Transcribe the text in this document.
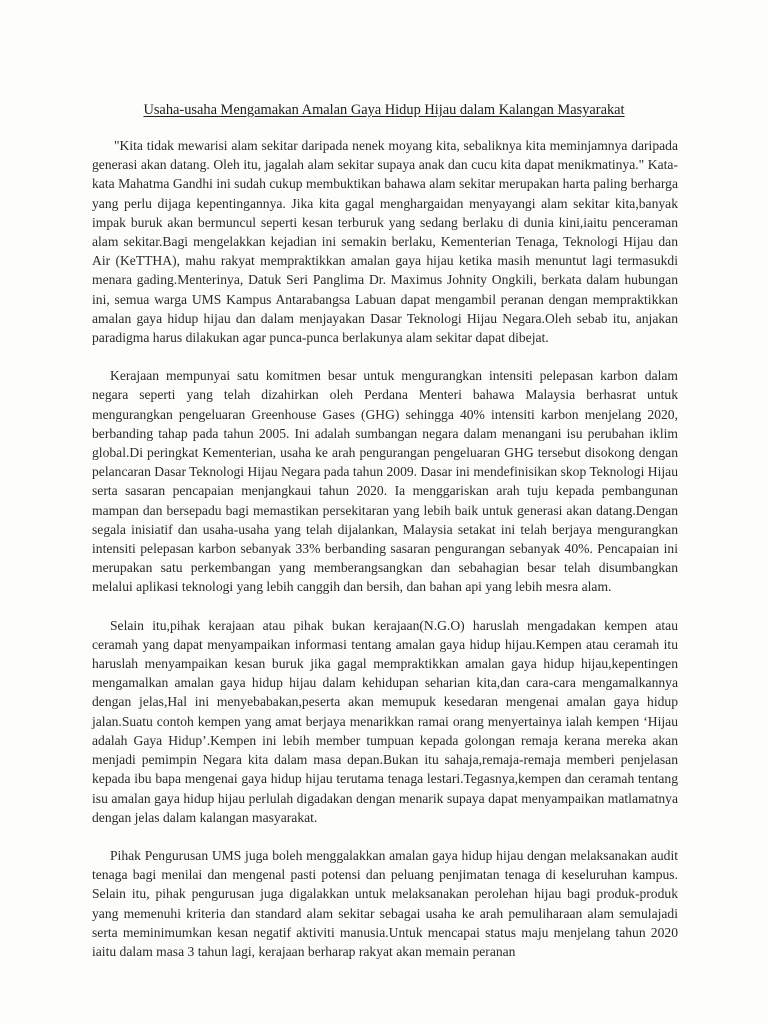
Usaha-usaha Mengamakan Amalan Gaya Hidup Hijau dalam Kalangan Masyarakat

"Kita tidak mewarisi alam sekitar daripada nenek moyang kita, sebaliknya kita meminjamnya daripada generasi akan datang. Oleh itu, jagalah alam sekitar supaya anak dan cucu kita dapat menikmatinya." Kata-kata Mahatma Gandhi ini sudah cukup membuktikan bahawa alam sekitar merupakan harta paling berharga yang perlu dijaga kepentingannya. Jika kita gagal menghargaidan menyayangi alam sekitar kita,banyak impak buruk akan bermuncul seperti kesan terburuk yang sedang berlaku di dunia kini,iaitu penceraman alam sekitar.Bagi mengelakkan kejadian ini semakin berlaku, Kementerian Tenaga, Teknologi Hijau dan Air (KeTTHA), mahu rakyat mempraktikkan amalan gaya hijau ketika masih menuntut lagi termasukdi menara gading.Menterinya, Datuk Seri Panglima Dr. Maximus Johnity Ongkili, berkata dalam hubungan ini, semua warga UMS Kampus Antarabangsa Labuan dapat mengambil peranan dengan mempraktikkan amalan gaya hidup hijau dan dalam menjayakan Dasar Teknologi Hijau Negara.Oleh sebab itu, anjakan paradigma harus dilakukan agar punca-punca berlakunya alam sekitar dapat dibejat.

Kerajaan mempunyai satu komitmen besar untuk mengurangkan intensiti pelepasan karbon dalam negara seperti yang telah dizahirkan oleh Perdana Menteri bahawa Malaysia berhasrat untuk mengurangkan pengeluaran Greenhouse Gases (GHG) sehingga 40% intensiti karbon menjelang 2020, berbanding tahap pada tahun 2005. Ini adalah sumbangan negara dalam menangani isu perubahan iklim global.Di peringkat Kementerian, usaha ke arah pengurangan pengeluaran GHG tersebut disokong dengan pelancaran Dasar Teknologi Hijau Negara pada tahun 2009. Dasar ini mendefinisikan skop Teknologi Hijau serta sasaran pencapaian menjangkaui tahun 2020. Ia menggariskan arah tuju kepada pembangunan mampan dan bersepadu bagi memastikan persekitaran yang lebih baik untuk generasi akan datang.Dengan segala inisiatif dan usaha-usaha yang telah dijalankan, Malaysia setakat ini telah berjaya mengurangkan intensiti pelepasan karbon sebanyak 33% berbanding sasaran pengurangan sebanyak 40%. Pencapaian ini merupakan satu perkembangan yang memberangsangkan dan sebahagian besar telah disumbangkan melalui aplikasi teknologi yang lebih canggih dan bersih, dan bahan api yang lebih mesra alam.

Selain itu,pihak kerajaan atau pihak bukan kerajaan(N.G.O) haruslah mengadakan kempen atau ceramah yang dapat menyampaikan informasi tentang amalan gaya hidup hijau.Kempen atau ceramah itu haruslah menyampaikan kesan buruk jika gagal mempraktikkan amalan gaya hidup hijau,kepentingen mengamalkan amalan gaya hidup hijau dalam kehidupan seharian kita,dan cara-cara mengamalkannya dengan jelas,Hal ini menyebabakan,peserta akan memupuk kesedaran mengenai amalan gaya hidup jalan.Suatu contoh kempen yang amat berjaya menarikkan ramai orang menyertainya ialah kempen ‘Hijau adalah Gaya Hidup’.Kempen ini lebih member tumpuan kepada golongan remaja kerana mereka akan menjadi pemimpin Negara kita dalam masa depan.Bukan itu sahaja,remaja-remaja memberi penjelasan kepada ibu bapa mengenai gaya hidup hijau terutama tenaga lestari.Tegasnya,kempen dan ceramah tentang isu amalan gaya hidup hijau perlulah digadakan dengan menarik supaya dapat menyampaikan matlamatnya dengan jelas dalam kalangan masyarakat.

Pihak Pengurusan UMS juga boleh menggalakkan amalan gaya hidup hijau dengan melaksanakan audit tenaga bagi menilai dan mengenal pasti potensi dan peluang penjimatan tenaga di keseluruhan kampus. Selain itu, pihak pengurusan juga digalakkan untuk melaksanakan perolehan hijau bagi produk-produk yang memenuhi kriteria dan standard alam sekitar sebagai usaha ke arah pemuliharaan alam semulajadi serta meminimumkan kesan negatif aktiviti manusia.Untuk mencapai status maju menjelang tahun 2020 iaitu dalam masa 3 tahun lagi, kerajaan berharap rakyat akan memain peranan
